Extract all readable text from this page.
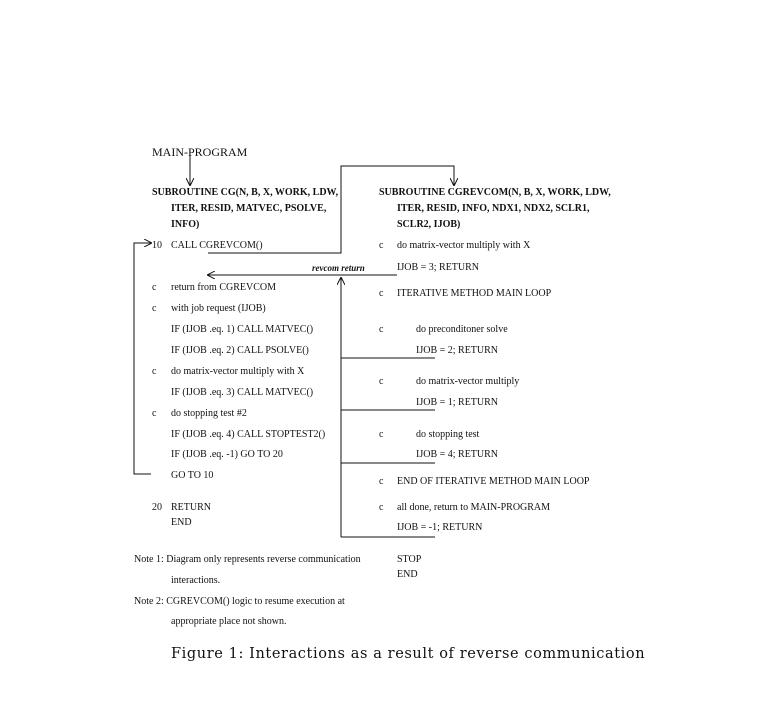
MAIN-PROGRAM
SUBROUTINE CG(N, B, X, WORK, LDW,
ITER, RESID, MATVEC, PSOLVE,
INFO)
10 CALL CGREVCOM()
c return from CGREVCOM
c with job request (IJOB)
IF (IJOB .eq. 1) CALL MATVEC()
IF (IJOB .eq. 2) CALL PSOLVE()
c do matrix-vector multiply with X
IF (IJOB .eq. 3) CALL MATVEC()
c do stopping test #2
IF (IJOB .eq. 4) CALL STOPTEST2()
IF (IJOB .eq. -1) GO TO 20
GO TO 10
20 RETURN
END
revcom return
SUBROUTINE CGREVCOM(N, B, X, WORK, LDW,
ITER, RESID, INFO, NDX1, NDX2, SCLR1,
SCLR2, IJOB)
c do matrix-vector multiply with X
IJOB = 3; RETURN
c ITERATIVE METHOD MAIN LOOP
c	do preconditoner solve
IJOB = 2; RETURN
c	do matrix-vector multiply
IJOB = 1; RETURN
c	do stopping test
IJOB = 4; RETURN
c END OF ITERATIVE METHOD MAIN LOOP
c all done, return to MAIN-PROGRAM
IJOB = -1; RETURN
STOP
END
Note 1: Diagram only represents reverse communication
interactions.
Note 2: CGREVCOM() logic to resume execution at
appropriate place not shown.
Figure 1: Interactions as a result of reverse communication
